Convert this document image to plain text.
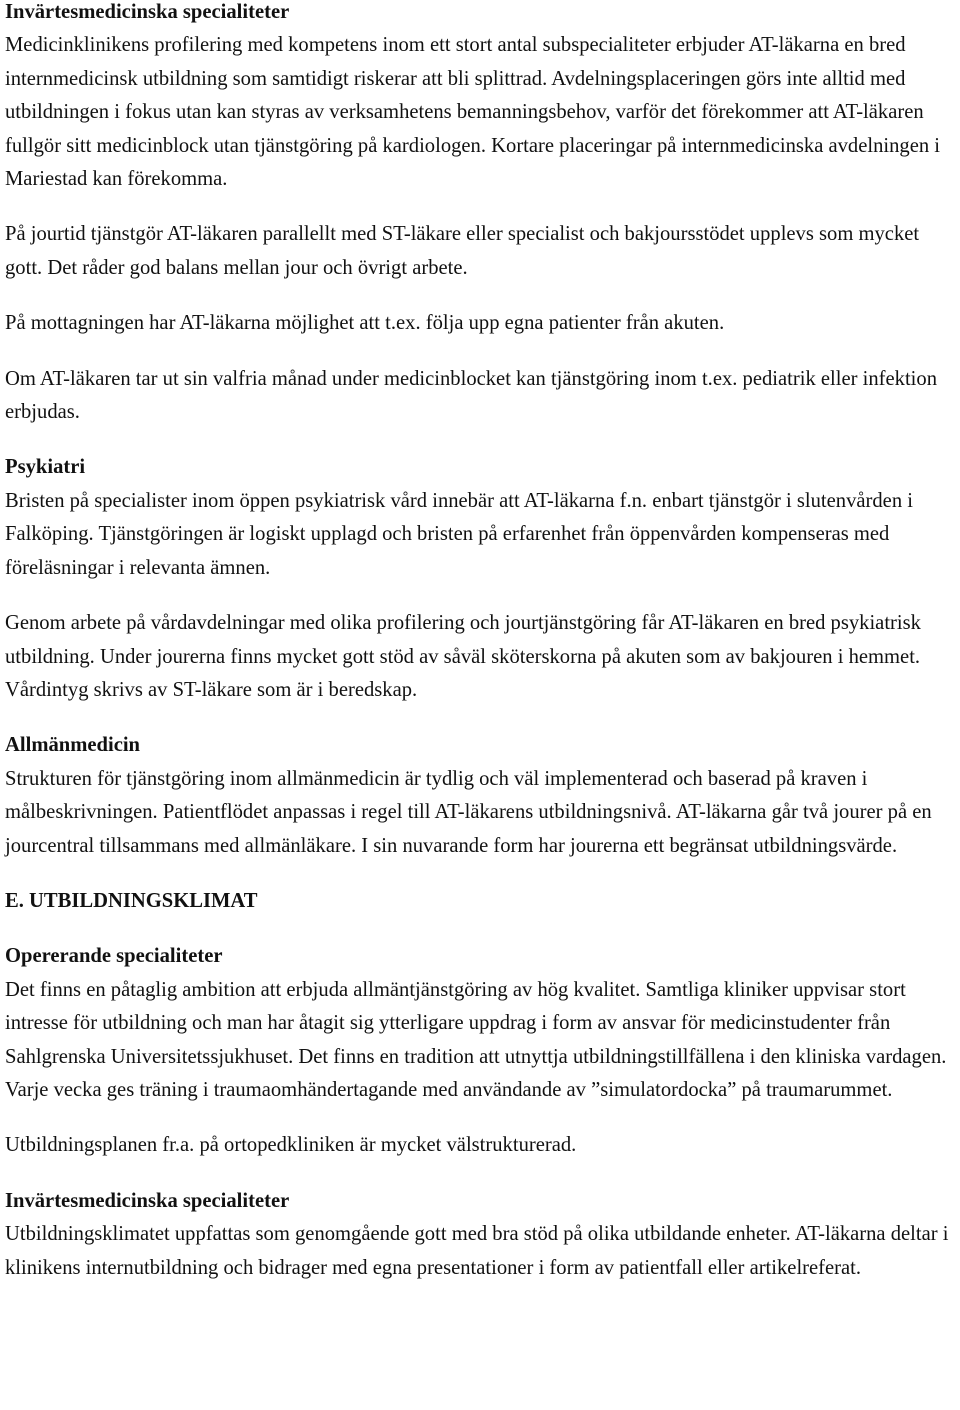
Invärtesmedicinska specialiteter

Medicinklinikens profilering med kompetens inom ett stort antal subspecialiteter erbjuder AT-läkarna en bred internmedicinsk utbildning som samtidigt riskerar att bli splittrad. Avdelningsplaceringen görs inte alltid med utbildningen i fokus utan kan styras av verksamhetens bemanningsbehov, varför det förekommer att AT-läkaren fullgör sitt medicinblock utan tjänstgöring på kardiologen. Kortare placeringar på internmedicinska avdelningen i Mariestad kan förekomma.

På jourtid tjänstgör AT-läkaren parallellt med ST-läkare eller specialist och bakjoursstödet upplevs som mycket gott. Det råder god balans mellan jour och övrigt arbete.

På mottagningen har AT-läkarna möjlighet att t.ex. följa upp egna patienter från akuten.

Om AT-läkaren tar ut sin valfria månad under medicinblocket kan tjänstgöring inom t.ex. pediatrik eller infektion erbjudas.

Psykiatri

Bristen på specialister inom öppen psykiatrisk vård innebär att AT-läkarna f.n. enbart tjänstgör i slutenvården i Falköping. Tjänstgöringen är logiskt upplagd och bristen på erfarenhet från öppenvården kompenseras med föreläsningar i relevanta ämnen.

Genom arbete på vårdavdelningar med olika profilering och jourtjänstgöring får AT-läkaren en bred psykiatrisk utbildning. Under jourerna finns mycket gott stöd av såväl sköterskorna på akuten som av bakjouren i hemmet. Vårdintyg skrivs av ST-läkare som är i beredskap.

Allmänmedicin

Strukturen för tjänstgöring inom allmänmedicin är tydlig och väl implementerad och baserad på kraven i målbeskrivningen. Patientflödet anpassas i regel till AT-läkarens utbildningsnivå. AT-läkarna går två jourer på en jourcentral tillsammans med allmänläkare. I sin nuvarande form har jourerna ett begränsat utbildningsvärde.

E. UTBILDNINGSKLIMAT
Opererande specialiteter

Det finns en påtaglig ambition att erbjuda allmäntjänstgöring av hög kvalitet. Samtliga kliniker uppvisar stort intresse för utbildning och man har åtagit sig ytterligare uppdrag i form av ansvar för medicinstudenter från Sahlgrenska Universitetssjukhuset. Det finns en tradition att utnyttja utbildningstillfällena i den kliniska vardagen. Varje vecka ges träning i traumaomhändertagande med användande av ”simulatordocka” på traumarummet.

Utbildningsplanen fr.a. på ortopedkliniken är mycket välstrukturerad.

Invärtesmedicinska specialiteter

Utbildningsklimatet uppfattas som genomgående gott med bra stöd på olika utbildande enheter. AT-läkarna deltar i klinikens internutbildning och bidrager med egna presentationer i form av patientfall eller artikelreferat.
